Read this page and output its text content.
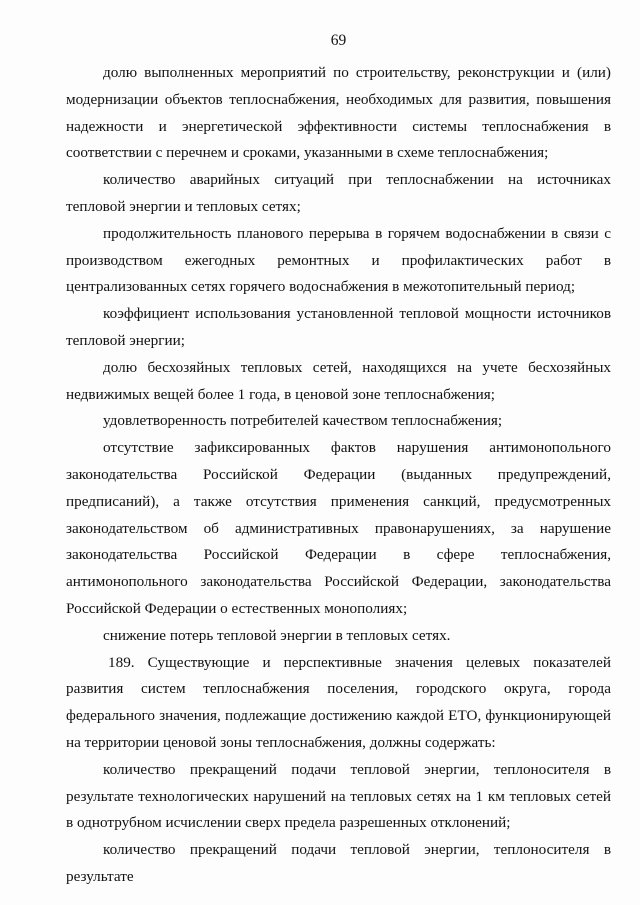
69

долю выполненных мероприятий по строительству, реконструкции и (или) модернизации объектов теплоснабжения, необходимых для развития, повышения надежности и энергетической эффективности системы теплоснабжения в соответствии с перечнем и сроками, указанными в схеме теплоснабжения;

количество аварийных ситуаций при теплоснабжении на источниках тепловой энергии и тепловых сетях;

продолжительность планового перерыва в горячем водоснабжении в связи с производством ежегодных ремонтных и профилактических работ в централизованных сетях горячего водоснабжения в межотопительный период;

коэффициент использования установленной тепловой мощности источников тепловой энергии;

долю бесхозяйных тепловых сетей, находящихся на учете бесхозяйных недвижимых вещей более 1 года, в ценовой зоне теплоснабжения;

удовлетворенность потребителей качеством теплоснабжения;

отсутствие зафиксированных фактов нарушения антимонопольного законодательства Российской Федерации (выданных предупреждений, предписаний), а также отсутствия применения санкций, предусмотренных законодательством об административных правонарушениях, за нарушение законодательства Российской Федерации в сфере теплоснабжения, антимонопольного законодательства Российской Федерации, законодательства Российской Федерации о естественных монополиях;

снижение потерь тепловой энергии в тепловых сетях.

189. Существующие и перспективные значения целевых показателей развития систем теплоснабжения поселения, городского округа, города федерального значения, подлежащие достижению каждой ЕТО, функционирующей на территории ценовой зоны теплоснабжения, должны содержать:

количество прекращений подачи тепловой энергии, теплоносителя в результате технологических нарушений на тепловых сетях на 1 км тепловых сетей в однотрубном исчислении сверх предела разрешенных отклонений;

количество прекращений подачи тепловой энергии, теплоносителя в результате
